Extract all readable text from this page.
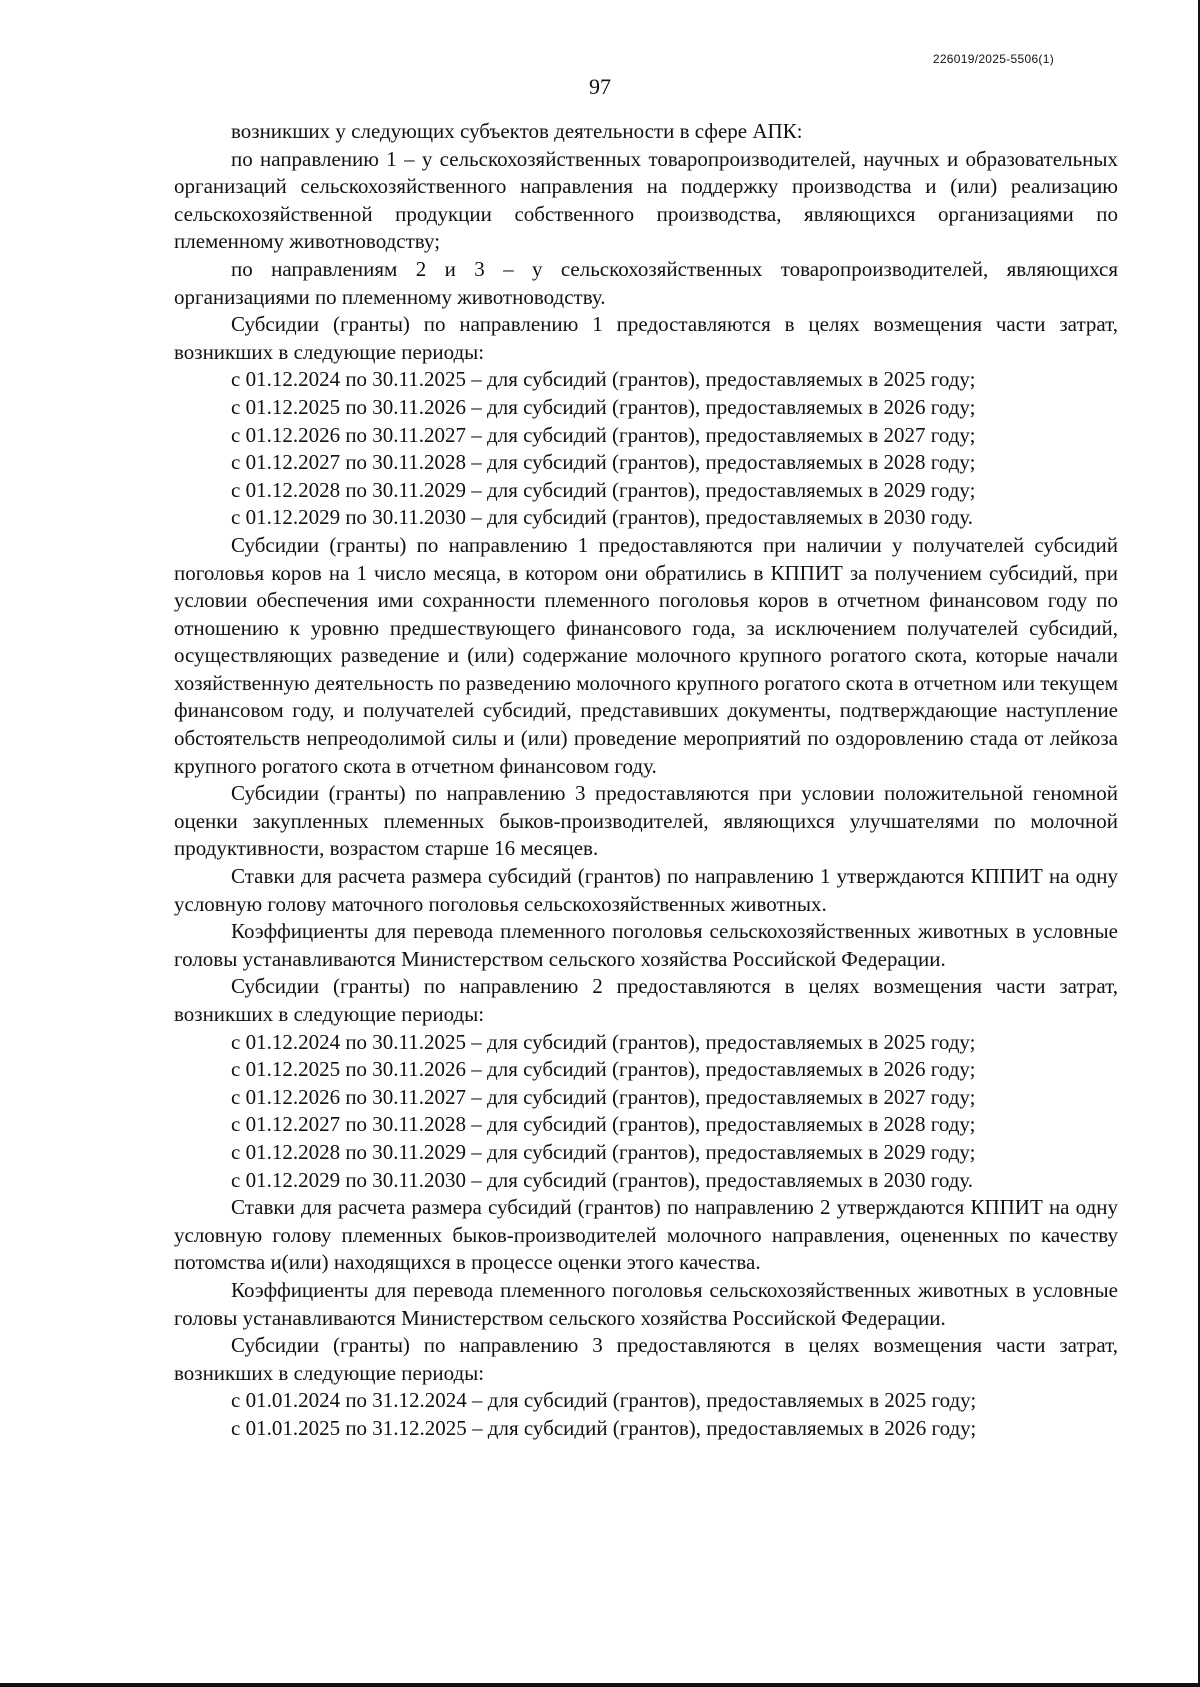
226019/2025-5506(1)
97

возникших у следующих субъектов деятельности в сфере АПК:

по направлению 1 – у сельскохозяйственных товаропроизводителей, научных и образовательных организаций сельскохозяйственного направления на поддержку производства и (или) реализацию сельскохозяйственной продукции собственного производства, являющихся организациями по племенному животноводству;

по направлениям 2 и 3 – у сельскохозяйственных товаропроизводителей, являющихся организациями по племенному животноводству.

Субсидии (гранты) по направлению 1 предоставляются в целях возмещения части затрат, возникших в следующие периоды:

с 01.12.2024 по 30.11.2025 – для субсидий (грантов), предоставляемых в 2025 году;

с 01.12.2025 по 30.11.2026 – для субсидий (грантов), предоставляемых в 2026 году;

с 01.12.2026 по 30.11.2027 – для субсидий (грантов), предоставляемых в 2027 году;

с 01.12.2027 по 30.11.2028 – для субсидий (грантов), предоставляемых в 2028 году;

с 01.12.2028 по 30.11.2029 – для субсидий (грантов), предоставляемых в 2029 году;

с 01.12.2029 по 30.11.2030 – для субсидий (грантов), предоставляемых в 2030 году.

Субсидии (гранты) по направлению 1 предоставляются при наличии у получателей субсидий поголовья коров на 1 число месяца, в котором они обратились в КППИТ за получением субсидий, при условии обеспечения ими сохранности племенного поголовья коров в отчетном финансовом году по отношению к уровню предшествующего финансового года, за исключением получателей субсидий, осуществляющих разведение и (или) содержание молочного крупного рогатого скота, которые начали хозяйственную деятельность по разведению молочного крупного рогатого скота в отчетном или текущем финансовом году, и получателей субсидий, представивших документы, подтверждающие наступление обстоятельств непреодолимой силы и (или) проведение мероприятий по оздоровлению стада от лейкоза крупного рогатого скота в отчетном финансовом году.

Субсидии (гранты) по направлению 3 предоставляются при условии положительной геномной оценки закупленных племенных быков-производителей, являющихся улучшателями по молочной продуктивности, возрастом старше 16 месяцев.

Ставки для расчета размера субсидий (грантов) по направлению 1 утверждаются КППИТ на одну условную голову маточного поголовья сельскохозяйственных животных.

Коэффициенты для перевода племенного поголовья сельскохозяйственных животных в условные головы устанавливаются Министерством сельского хозяйства Российской Федерации.

Субсидии (гранты) по направлению 2 предоставляются в целях возмещения части затрат, возникших в следующие периоды:

с 01.12.2024 по 30.11.2025 – для субсидий (грантов), предоставляемых в 2025 году;

с 01.12.2025 по 30.11.2026 – для субсидий (грантов), предоставляемых в 2026 году;

с 01.12.2026 по 30.11.2027 – для субсидий (грантов), предоставляемых в 2027 году;

с 01.12.2027 по 30.11.2028 – для субсидий (грантов), предоставляемых в 2028 году;

с 01.12.2028 по 30.11.2029 – для субсидий (грантов), предоставляемых в 2029 году;

с 01.12.2029 по 30.11.2030 – для субсидий (грантов), предоставляемых в 2030 году.

Ставки для расчета размера субсидий (грантов) по направлению 2 утверждаются КППИТ на одну условную голову племенных быков-производителей молочного направления, оцененных по качеству потомства и(или) находящихся в процессе оценки этого качества.

Коэффициенты для перевода племенного поголовья сельскохозяйственных животных в условные головы устанавливаются Министерством сельского хозяйства Российской Федерации.

Субсидии (гранты) по направлению 3 предоставляются в целях возмещения части затрат, возникших в следующие периоды:

с 01.01.2024 по 31.12.2024 – для субсидий (грантов), предоставляемых в 2025 году;

с 01.01.2025 по 31.12.2025 – для субсидий (грантов), предоставляемых в 2026 году;
